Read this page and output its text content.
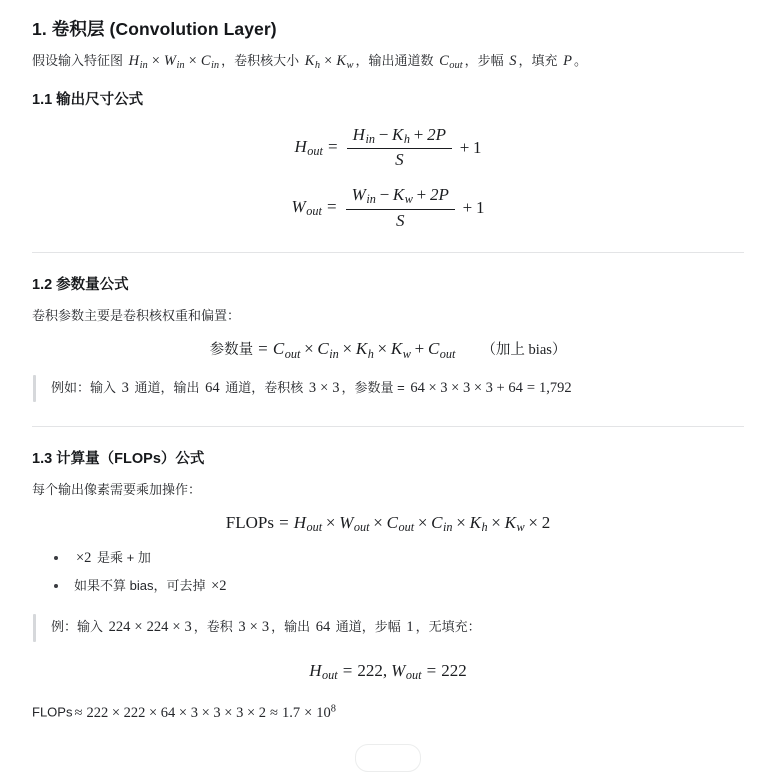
1. 卷积层 (Convolution Layer)

假设输入特征图 $H_{in} \times W_{in} \times C_{in}$ ，卷积核大小 $K_h \times K_w$ ，输出通道数 $C_{out}$ ，步幅 S ，填充 P 。

1.1 输出尺寸公式
$H_{out} = \frac{H_{in} - K_h + 2P}{S} + 1$
$W_{out} = \frac{W_{in} - K_w + 2P}{S} + 1$
1.2 参数量公式

卷积参数主要是卷积核权重和偏置：

参数量 = $C_{out} \times C_{in} \times K_h \times K_w + C_{out}$ （加上 bias）
例如：输入 3 通道，输出 64 通道，卷积核 3 × 3 ，参数量 = 64 × 3 × 3 × 3 + 64 = 1,792
1.3 计算量（FLOPs）公式

每个输出像素需要乘加操作：

FLOPs = $H_{out} \times W_{out} \times C_{out} \times C_{in} \times K_h \times K_w \times 2$
×2 是乘 + 加
如果不算 bias，可去掉 ×2
例：输入 224 × 224 × 3 ，卷积 3 × 3 ，输出 64 通道，步幅 1 ，无填充：
$H_{out} = 222$, $W_{out} = 222$

FLOPs ≈ $222 \times 222 \times 64 \times 3 \times 3 \times 3 \times 2 \approx 1.7 \times 10^8$
